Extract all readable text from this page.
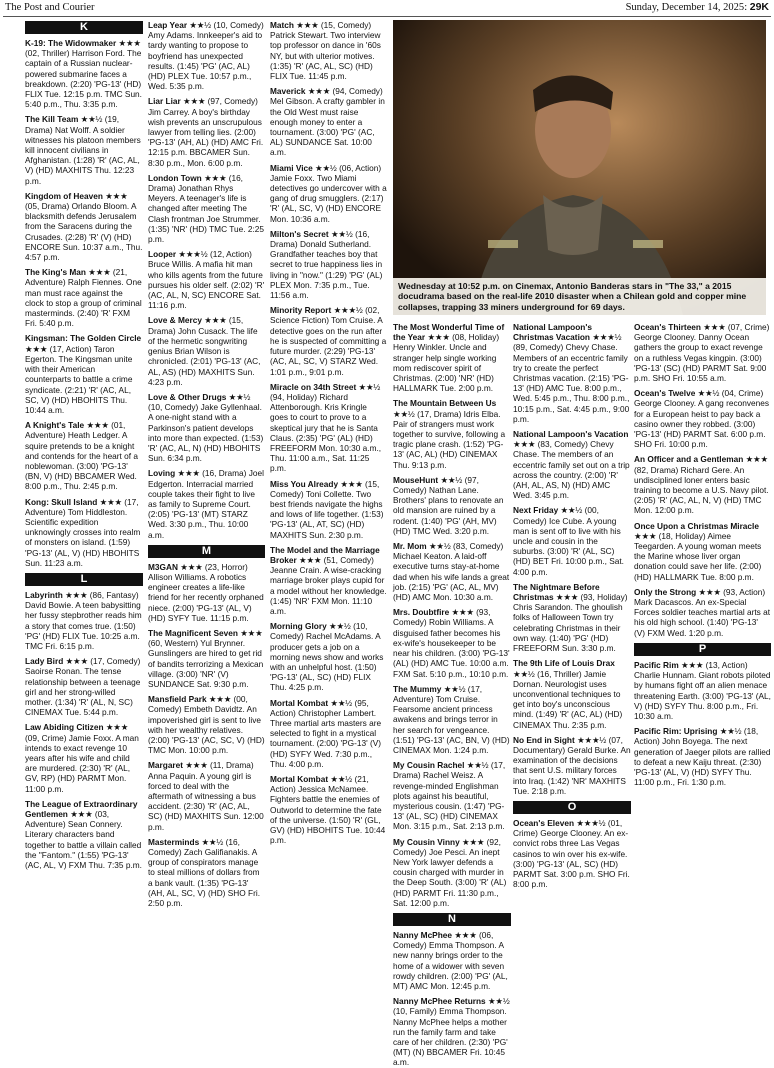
The Post and Courier	Sunday, December 14, 2025: 29K
K
K-19: The Widowmaker ★★★ (02, Thriller) Harrison Ford. The captain of a Russian nuclear-powered submarine faces a breakdown. (2:20) 'PG-13' (HD) FLIX Tue. 12:15 p.m. TMC Sun. 5:40 p.m., Thu. 3:35 p.m.
The Kill Team ★★½ (19, Drama) Nat Wolff. A soldier witnesses his platoon members kill innocent civilians in Afghanistan. (1:28) 'R' (AC, AL, V) (HD) MAXHITS Thu. 12:23 p.m.
Kingdom of Heaven ★★★ (05, Drama) Orlando Bloom. A blacksmith defends Jerusalem from the Saracens during the Crusades. (2:28) 'R' (V) (HD) ENCORE Sun. 10:37 a.m., Thu. 4:57 p.m.
The King's Man ★★★ (21, Adventure) Ralph Fiennes. One man must race against the clock to stop a group of criminal masterminds. (2:40) 'R' FXM Fri. 5:40 p.m.
Kingsman: The Golden Circle ★★★ (17, Action) Taron Egerton. The Kingsman unite with their American counterparts to battle a crime syndicate. (2:21) 'R' (AC, AL, SC, V) (HD) HBOHITS Thu. 10:44 a.m.
A Knight's Tale ★★★ (01, Adventure) Heath Ledger. A squire pretends to be a knight and contends for the heart of a noblewoman. (3:00) 'PG-13' (BN, V) (HD) BBCAMER Wed. 8:00 p.m., Thu. 2:45 p.m.
Kong: Skull Island ★★★ (17, Adventure) Tom Hiddleston. Scientific expedition unknowingly crosses into realm of monsters on island. (1:59) 'PG-13' (AL, V) (HD) HBOHITS Sun. 11:23 a.m.
L
Labyrinth ★★★ (86, Fantasy) David Bowie. A teen babysitting her fussy stepbrother reads him a story that comes true. (1:50) 'PG' (HD) FLIX Tue. 10:25 a.m. TMC Fri. 6:15 p.m.
Lady Bird ★★★ (17, Comedy) Saoirse Ronan. The tense relationship between a teenage girl and her strong-willed mother. (1:34) 'R' (AL, N, SC) CINEMAX Tue. 5:44 p.m.
Law Abiding Citizen ★★★ (09, Crime) Jamie Foxx. A man intends to exact revenge 10 years after his wife and child are murdered. (2:30) 'R' (AL, GV, RP) (HD) PARMT Mon. 11:00 p.m.
The League of Extraordinary Gentlemen ★★★ (03, Adventure) Sean Connery. Literary characters band together to battle a villain called the "Fantom." (1:55) 'PG-13' (AC, AL, V) FXM Thu. 7:35 p.m.
Leap Year ★★½ (10, Comedy) Amy Adams. Innkeeper's aid to tardy wanting to propose to boyfriend has unexpected results. (1:45) 'PG' (AC, AL) (HD) PLEX Tue. 10:57 p.m., Wed. 5:35 p.m.
Liar Liar ★★★ (97, Comedy) Jim Carrey. A boy's birthday wish prevents an unscrupulous lawyer from telling lies. (2:00) 'PG-13' (AH, AL) (HD) AMC Fri. 12:15 p.m. BBCAMER Sun. 8:30 p.m., Mon. 6:00 p.m.
London Town ★★★ (16, Drama) Jonathan Rhys Meyers. A teenager's life is changed after meeting The Clash frontman Joe Strummer. (1:35) 'NR' (HD) TMC Tue. 2:25 p.m.
Looper ★★★½ (12, Action) Bruce Willis. A mafia hit man who kills agents from the future pursues his older self. (2:02) 'R' (AC, AL, N, SC) ENCORE Sat. 11:16 p.m.
Love & Mercy ★★★ (15, Drama) John Cusack. The life of the hermetic songwriting genius Brian Wilson is chronicled. (2:01) 'PG-13' (AC, AL, AS) (HD) MAXHITS Sun. 4:23 p.m.
Love & Other Drugs ★★½ (10, Comedy) Jake Gyllenhaal. A one-night stand with a Parkinson's patient develops into more than expected. (1:53) 'R' (AC, AL, N) (HD) HBOHITS Sun. 6:34 p.m.
Loving ★★★ (16, Drama) Joel Edgerton. Interracial married couple takes their fight to live as family to Supreme Court. (2:05) 'PG-13' (MT) STARZ Wed. 3:30 p.m., Thu. 10:00 a.m.
M
M3GAN ★★★ (23, Horror) Allison Williams. A robotics engineer creates a life-like friend for her recently orphaned niece. (2:00) 'PG-13' (AL, V) (HD) SYFY Tue. 11:15 p.m.
The Magnificent Seven ★★★ (60, Western) Yul Brynner. Gunslingers are hired to get rid of bandits terrorizing a Mexican village. (3:00) 'NR' (V) SUNDANCE Sat. 9:30 p.m.
Mansfield Park ★★★ (00, Comedy) Embeth Davidtz. An impoverished girl is sent to live with her wealthy relatives. (2:00) 'PG-13' (AC, SC, V) (HD) TMC Mon. 10:00 p.m.
Margaret ★★★ (11, Drama) Anna Paquin. A young girl is forced to deal with the aftermath of witnessing a bus accident. (2:30) 'R' (AC, AL, SC) (HD) MAXHITS Sun. 12:00 p.m.
Masterminds ★★½ (16, Comedy) Zach Galifianakis. A group of conspirators manage to steal millions of dollars from a bank vault. (1:35) 'PG-13' (AH, AL, SC, V) (HD) SHO Fri. 2:50 p.m.
Match ★★★ (15, Comedy) Patrick Stewart. Two interview top professor on dance in '60s NY, but with ulterior motives. (1:35) 'R' (AC, AL, SC) (HD) FLIX Tue. 11:45 p.m.
Maverick ★★★ (94, Comedy) Mel Gibson. A crafty gambler in the Old West must raise enough money to enter a tournament. (3:00) 'PG' (AC, AL) SUNDANCE Sat. 10:00 a.m.
Miami Vice ★★½ (06, Action) Jamie Foxx. Two Miami detectives go undercover with a gang of drug smugglers. (2:17) 'R' (AL, SC, V) (HD) ENCORE Mon. 10:36 a.m.
Milton's Secret ★★½ (16, Drama) Donald Sutherland. Grandfather teaches boy that secret to true happiness lies in living in "now." (1:29) 'PG' (AL) PLEX Mon. 7:35 p.m., Tue. 11:56 a.m.
Minority Report ★★★½ (02, Science Fiction) Tom Cruise. A detective goes on the run after he is suspected of committing a future murder. (2:29) 'PG-13' (AC, AL, SC, V) STARZ Wed. 1:01 p.m., 9:01 p.m.
Miracle on 34th Street ★★½ (94, Holiday) Richard Attenborough. Kris Kringle goes to court to prove to a skeptical jury that he is Santa Claus. (2:35) 'PG' (AL) (HD) FREEFORM Mon. 10:30 a.m., Thu. 11:00 a.m., Sat. 11:25 p.m.
Miss You Already ★★★ (15, Comedy) Toni Collette. Two best friends navigate the highs and lows of life together. (1:53) 'PG-13' (AL, AT, SC) (HD) MAXHITS Sun. 2:30 p.m.
The Model and the Marriage Broker ★★★ (51, Comedy) Jeanne Crain. A wise-cracking marriage broker plays cupid for a model without her knowledge. (1:45) 'NR' FXM Mon. 11:10 a.m.
Morning Glory ★★½ (10, Comedy) Rachel McAdams. A producer gets a job on a morning news show and works with an unhelpful host. (1:50) 'PG-13' (AL, SC) (HD) FLIX Thu. 4:25 p.m.
Mortal Kombat ★★½ (95, Action) Christopher Lambert. Three martial arts masters are selected to fight in a mystical tournament. (2:00) 'PG-13' (V) (HD) SYFY Wed. 7:30 p.m., Thu. 4:00 p.m.
Mortal Kombat ★★½ (21, Action) Jessica McNamee. Fighters battle the enemies of Outworld to determine the fate of the universe. (1:50) 'R' (GL, GV) (HD) HBOHITS Tue. 10:44 p.m.
The Most Wonderful Time of the Year ★★★ (08, Holiday) Henry Winkler. Uncle and stranger help single working mom rediscover spirit of Christmas. (2:00) 'NR' (HD) HALLMARK Tue. 2:00 p.m.
The Mountain Between Us ★★½ (17, Drama) Idris Elba. Pair of strangers must work together to survive, following a tragic plane crash. (1:52) 'PG-13' (AC, AL) (HD) CINEMAX Thu. 9:13 p.m.
MouseHunt ★★½ (97, Comedy) Nathan Lane. Brothers' plans to renovate an old mansion are ruined by a rodent. (1:40) 'PG' (AH, MV) (HD) TMC Wed. 3:20 p.m.
Mr. Mom ★★½ (83, Comedy) Michael Keaton. A laid-off executive turns stay-at-home dad when his wife lands a great job. (2:15) 'PG' (AC, AL, MV) (HD) AMC Mon. 10:30 a.m.
Mrs. Doubtfire ★★★ (93, Comedy) Robin Williams. A disguised father becomes his ex-wife's housekeeper to be near his children. (3:00) 'PG-13' (AL) (HD) AMC Tue. 10:00 a.m. FXM Sat. 5:10 p.m., 10:10 p.m.
The Mummy ★★½ (17, Adventure) Tom Cruise. Fearsome ancient princess awakens and brings terror in her search for vengeance. (1:51) 'PG-13' (AC, BN, V) (HD) CINEMAX Mon. 1:24 p.m.
My Cousin Rachel ★★½ (17, Drama) Rachel Weisz. A revenge-minded Englishman plots against his beautiful, mysterious cousin. (1:47) 'PG-13' (AL, SC) (HD) CINEMAX Mon. 3:15 p.m., Sat. 2:13 p.m.
My Cousin Vinny ★★★ (92, Comedy) Joe Pesci. An inept New York lawyer defends a cousin charged with murder in the Deep South. (3:00) 'R' (AL) (HD) PARMT Fri. 11:30 p.m., Sat. 12:00 p.m.
N
Nanny McPhee ★★★ (06, Comedy) Emma Thompson. A new nanny brings order to the home of a widower with seven rowdy children. (2:00) 'PG' (AL, MT) AMC Mon. 12:45 p.m.
Nanny McPhee Returns ★★½ (10, Family) Emma Thompson. Nanny McPhee helps a mother run the family farm and take care of her children. (2:30) 'PG' (MT) (N) BBCAMER Fri. 10:45 a.m.
National Lampoon's Christmas Vacation ★★★½ (89, Comedy) Chevy Chase. Members of an eccentric family try to create the perfect Christmas vacation. (2:15) 'PG-13' (HD) AMC Tue. 8:00 p.m., Wed. 5:45 p.m., Thu. 8:00 p.m., 10:15 p.m., Sat. 4:45 p.m., 9:00 p.m.
National Lampoon's Vacation ★★★ (83, Comedy) Chevy Chase. The members of an eccentric family set out on a trip across the country. (2:00) 'R' (AH, AL, AS, N) (HD) AMC Wed. 3:45 p.m.
Next Friday ★★½ (00, Comedy) Ice Cube. A young man is sent off to live with his uncle and cousin in the suburbs. (3:00) 'R' (AL, SC) (HD) BET Fri. 10:00 p.m., Sat. 4:00 p.m.
The Nightmare Before Christmas ★★★ (93, Holiday) Chris Sarandon. The ghoulish folks of Halloween Town try celebrating Christmas in their own way. (1:40) 'PG' (HD) FREEFORM Sun. 3:30 p.m.
The 9th Life of Louis Drax ★★½ (16, Thriller) Jamie Dornan. Neurologist uses unconventional techniques to get into boy's unconscious mind. (1:49) 'R' (AC, AL) (HD) CINEMAX Thu. 2:35 p.m.
No End in Sight ★★★½ (07, Documentary) Gerald Burke. An examination of the decisions that sent U.S. military forces into Iraq. (1:42) 'NR' MAXHITS Tue. 2:18 p.m.
O
Ocean's Eleven ★★★½ (01, Crime) George Clooney. An ex-convict robs three Las Vegas casinos to win over his ex-wife. (3:00) 'PG-13' (AL, SC) (HD) PARMT Sat. 3:00 p.m. SHO Fri. 8:00 p.m.
Ocean's Thirteen ★★★ (07, Crime) George Clooney. Danny Ocean gathers the group to exact revenge on a ruthless Vegas kingpin. (3:00) 'PG-13' (SC) (HD) PARMT Sat. 9:00 p.m. SHO Fri. 10:55 a.m.
Ocean's Twelve ★★½ (04, Crime) George Clooney. A gang reconvenes for a European heist to pay back a casino owner they robbed. (3:00) 'PG-13' (HD) PARMT Sat. 6:00 p.m. SHO Fri. 10:00 p.m.
An Officer and a Gentleman ★★★ (82, Drama) Richard Gere. An undisciplined loner enters basic training to become a U.S. Navy pilot. (2:05) 'R' (AC, AL, N, V) (HD) TMC Mon. 12:00 p.m.
Once Upon a Christmas Miracle ★★★ (18, Holiday) Aimee Teegarden. A young woman meets the Marine whose liver organ donation could save her life. (2:00) (HD) HALLMARK Tue. 8:00 p.m.
Only the Strong ★★★ (93, Action) Mark Dacascos. An ex-Special Forces soldier teaches martial arts at his old high school. (1:40) 'PG-13' (V) FXM Wed. 1:20 p.m.
P
Pacific Rim ★★★ (13, Action) Charlie Hunnam. Giant robots piloted by humans fight off an alien menace threatening Earth. (3:00) 'PG-13' (AL, V) (HD) SYFY Thu. 8:00 p.m., Fri. 10:30 a.m.
Pacific Rim: Uprising ★★½ (18, Action) John Boyega. The next generation of Jaeger pilots are rallied to defeat a new Kaiju threat. (2:30) 'PG-13' (AL, V) (HD) SYFY Thu. 11:00 p.m., Fri. 1:30 p.m.
Wednesday at 10:52 p.m. on Cinemax, Antonio Banderas stars in "The 33," a 2015 docudrama based on the real-life 2010 disaster when a Chilean gold and copper mine collapses, trapping 33 miners underground for 69 days.
